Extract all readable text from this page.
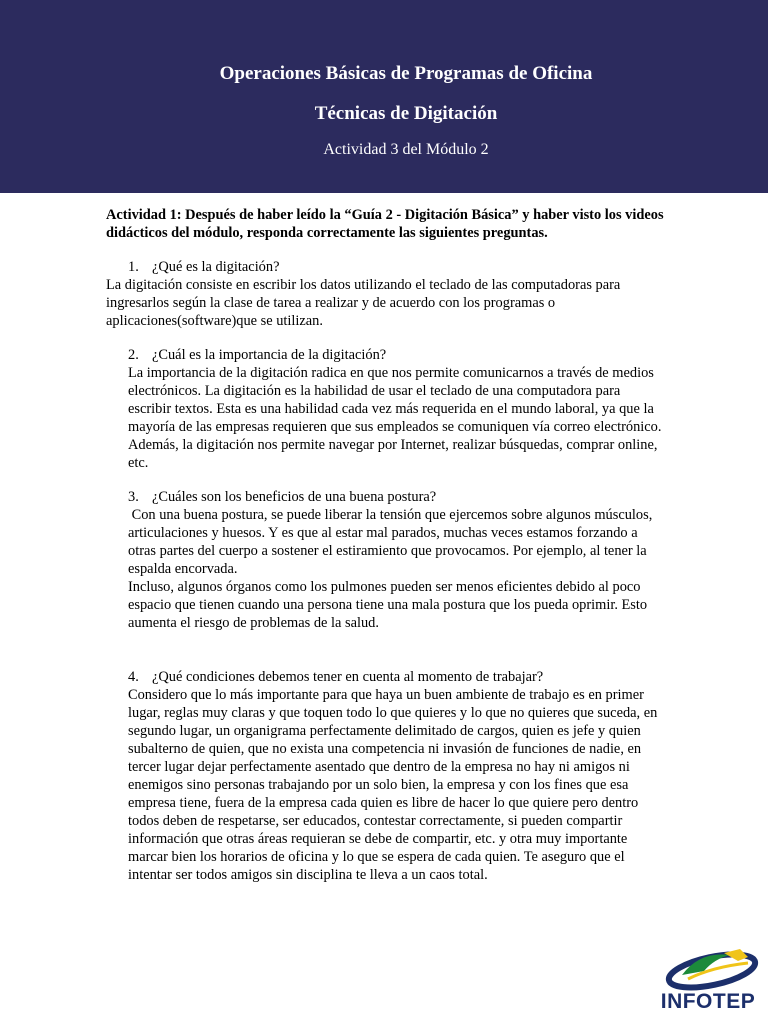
Operaciones Básicas de Programas de Oficina
Técnicas de Digitación
Actividad 3 del Módulo 2

Actividad 1: Después de haber leído la “Guía 2 - Digitación Básica” y haber visto los videos didácticos del módulo, responda correctamente las siguientes preguntas.

1. ¿Qué es la digitación?

La digitación consiste en escribir los datos utilizando el teclado de las computadoras para ingresarlos según la clase de tarea a realizar y de acuerdo con los programas o aplicaciones(software)que se utilizan.

2. ¿Cuál es la importancia de la digitación?

La importancia de la digitación radica en que nos permite comunicarnos a través de medios electrónicos. La digitación es la habilidad de usar el teclado de una computadora para escribir textos. Esta es una habilidad cada vez más requerida en el mundo laboral, ya que la mayoría de las empresas requieren que sus empleados se comuniquen vía correo electrónico. Además, la digitación nos permite navegar por Internet, realizar búsquedas, comprar online, etc.

3. ¿Cuáles son los beneficios de una buena postura?

Con una buena postura, se puede liberar la tensión que ejercemos sobre algunos músculos, articulaciones y huesos. Y es que al estar mal parados, muchas veces estamos forzando a otras partes del cuerpo a sostener el estiramiento que provocamos. Por ejemplo, al tener la espalda encorvada.

Incluso, algunos órganos como los pulmones pueden ser menos eficientes debido al poco espacio que tienen cuando una persona tiene una mala postura que los pueda oprimir. Esto aumenta el riesgo de problemas de la salud.

4. ¿Qué condiciones debemos tener en cuenta al momento de trabajar?

Considero que lo más importante para que haya un buen ambiente de trabajo es en primer lugar, reglas muy claras y que toquen todo lo que quieres y lo que no quieres que suceda, en segundo lugar, un organigrama perfectamente delimitado de cargos, quien es jefe y quien subalterno de quien, que no exista una competencia ni invasión de funciones de nadie, en tercer lugar dejar perfectamente asentado que dentro de la empresa no hay ni amigos ni enemigos sino personas trabajando por un solo bien, la empresa y con los fines que esa empresa tiene, fuera de la empresa cada quien es libre de hacer lo que quiere pero dentro todos deben de respetarse, ser educados, contestar correctamente, si pueden compartir información que otras áreas requieran se debe de compartir, etc. y otra muy importante marcar bien los horarios de oficina y lo que se espera de cada quien. Te aseguro que el intentar ser todos amigos sin disciplina te lleva a un caos total.

INFOTEP
